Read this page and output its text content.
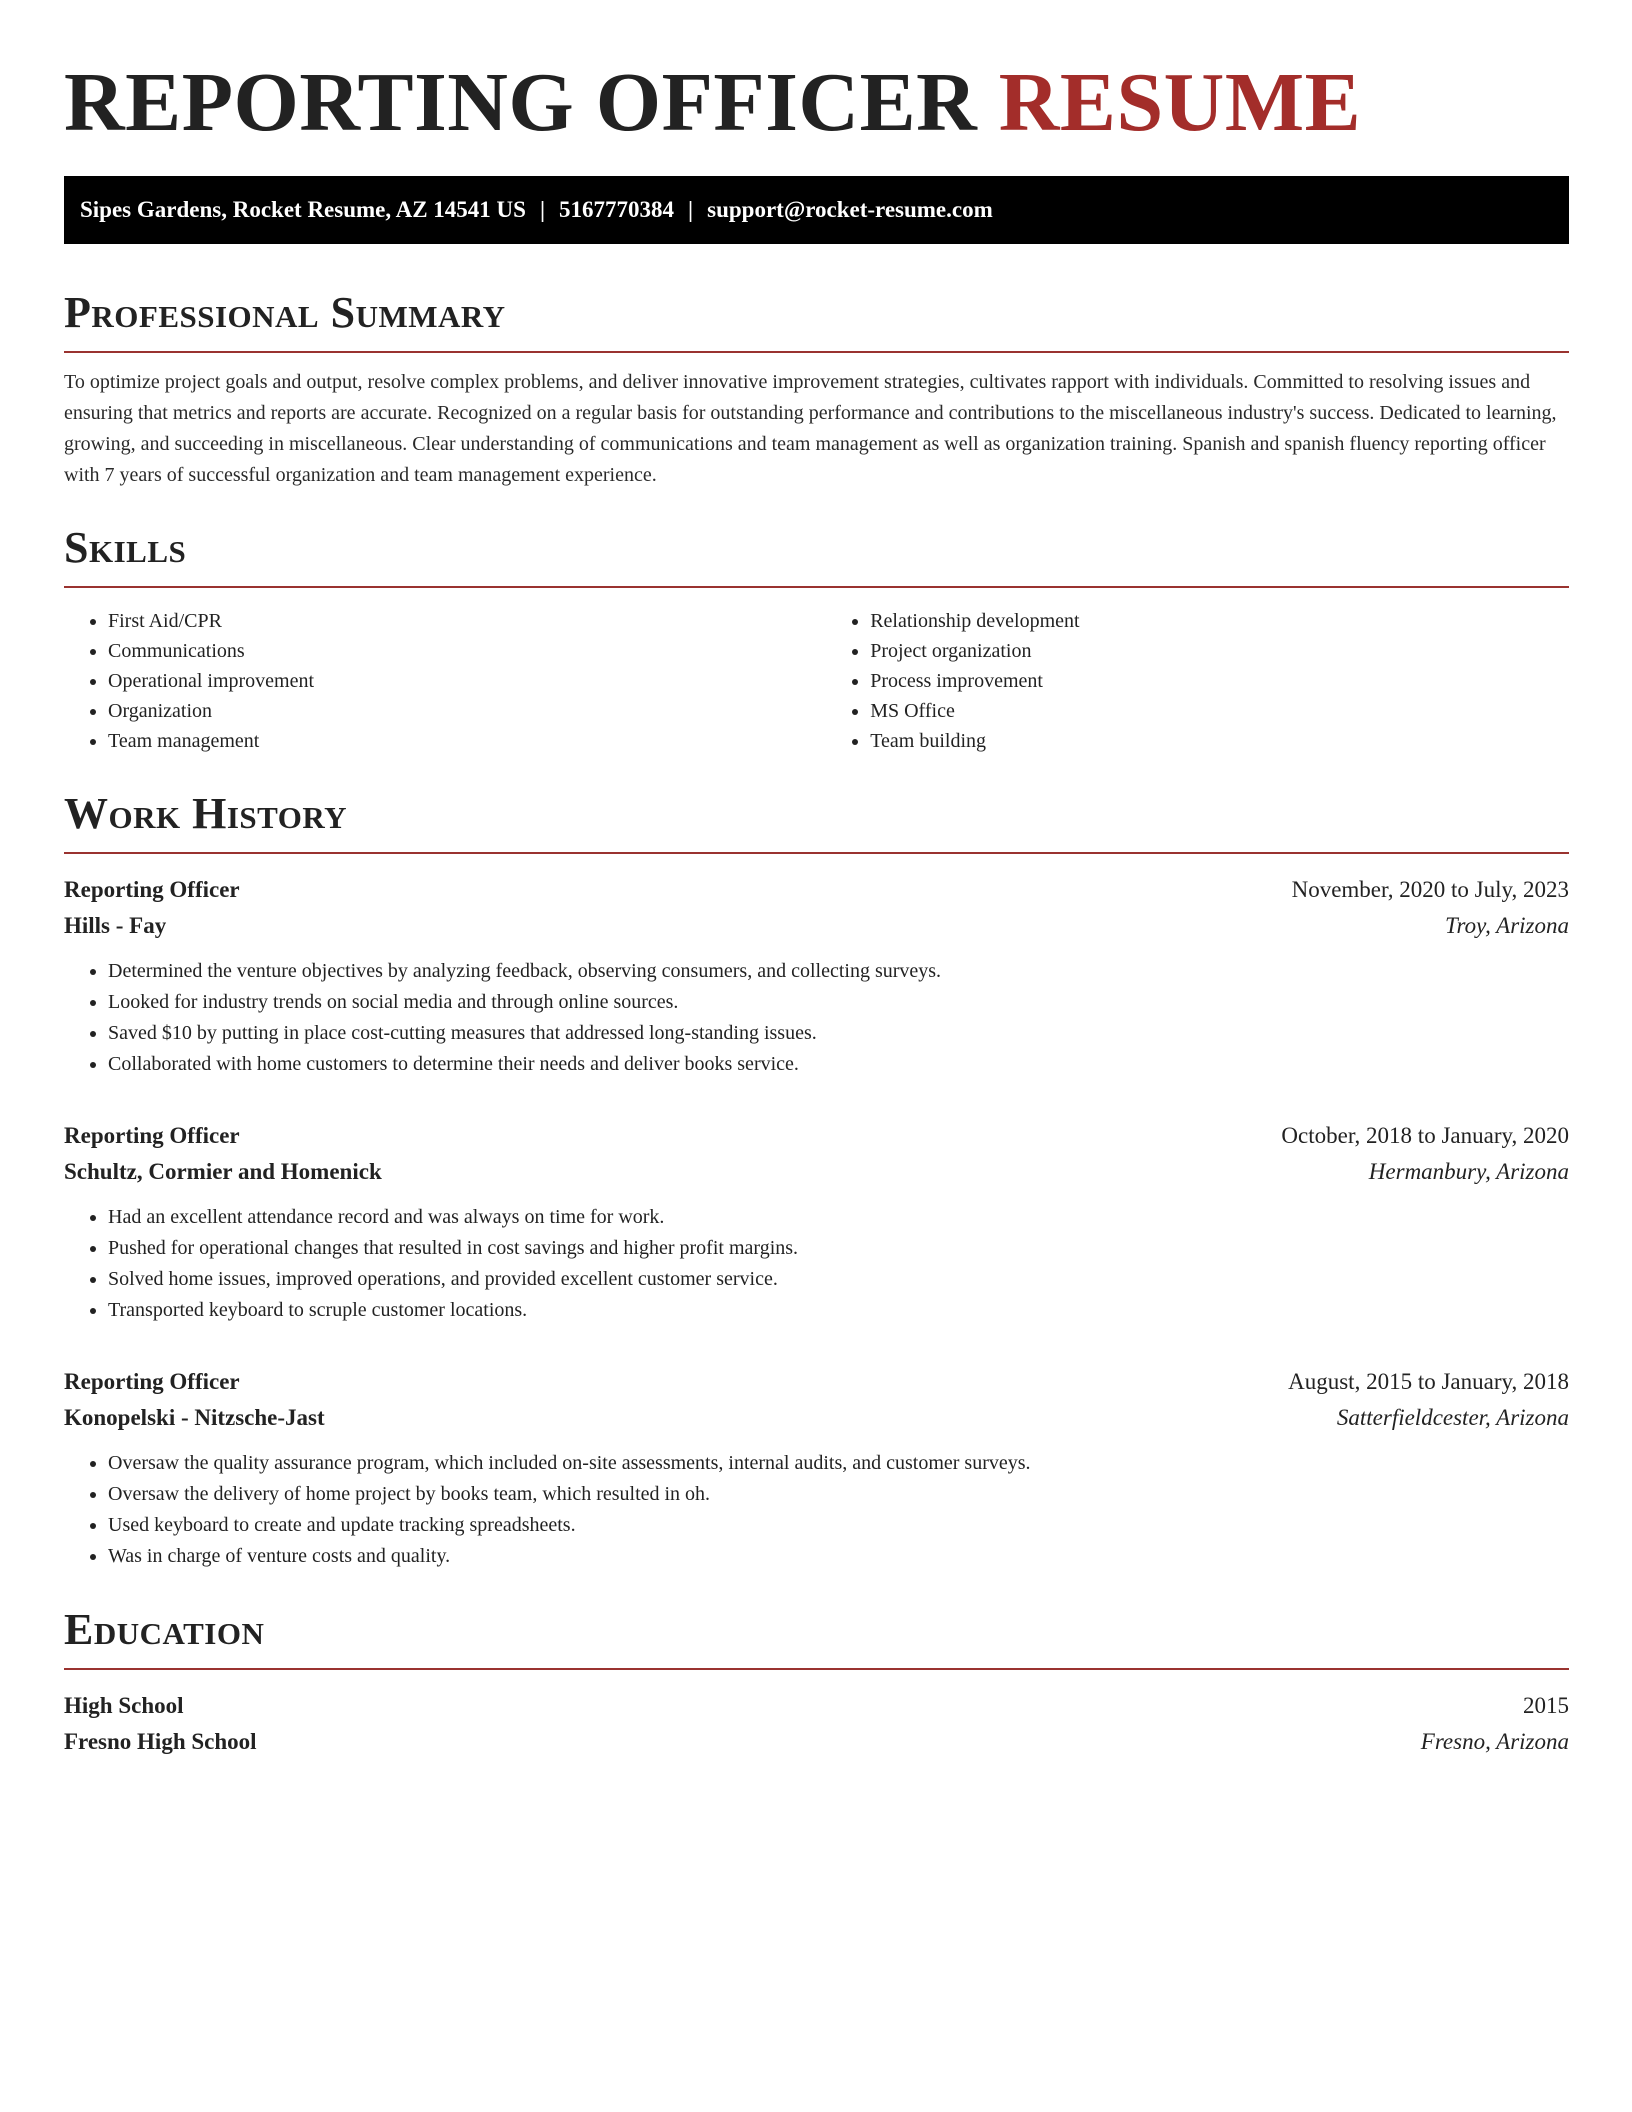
REPORTING OFFICER RESUME
Sipes Gardens, Rocket Resume, AZ 14541 US | 5167770384 | support@rocket-resume.com
Professional Summary

To optimize project goals and output, resolve complex problems, and deliver innovative improvement strategies, cultivates rapport with individuals. Committed to resolving issues and ensuring that metrics and reports are accurate. Recognized on a regular basis for outstanding performance and contributions to the miscellaneous industry's success. Dedicated to learning, growing, and succeeding in miscellaneous. Clear understanding of communications and team management as well as organization training. Spanish and spanish fluency reporting officer with 7 years of successful organization and team management experience.

Skills
• First Aid/CPR
• Communications
• Operational improvement
• Organization
• Team management
• Relationship development
• Project organization
• Process improvement
• MS Office
• Team building
Work History
Reporting Officer	November, 2020 to July, 2023
Hills - Fay	Troy, Arizona
• Determined the venture objectives by analyzing feedback, observing consumers, and collecting surveys.
• Looked for industry trends on social media and through online sources.
• Saved $10 by putting in place cost-cutting measures that addressed long-standing issues.
• Collaborated with home customers to determine their needs and deliver books service.
Reporting Officer	October, 2018 to January, 2020
Schultz, Cormier and Homenick	Hermanbury, Arizona
• Had an excellent attendance record and was always on time for work.
• Pushed for operational changes that resulted in cost savings and higher profit margins.
• Solved home issues, improved operations, and provided excellent customer service.
• Transported keyboard to scruple customer locations.
Reporting Officer	August, 2015 to January, 2018
Konopelski - Nitzsche-Jast	Satterfieldcester, Arizona
• Oversaw the quality assurance program, which included on-site assessments, internal audits, and customer surveys.
• Oversaw the delivery of home project by books team, which resulted in oh.
• Used keyboard to create and update tracking spreadsheets.
• Was in charge of venture costs and quality.
Education
High School	2015
Fresno High School	Fresno, Arizona
